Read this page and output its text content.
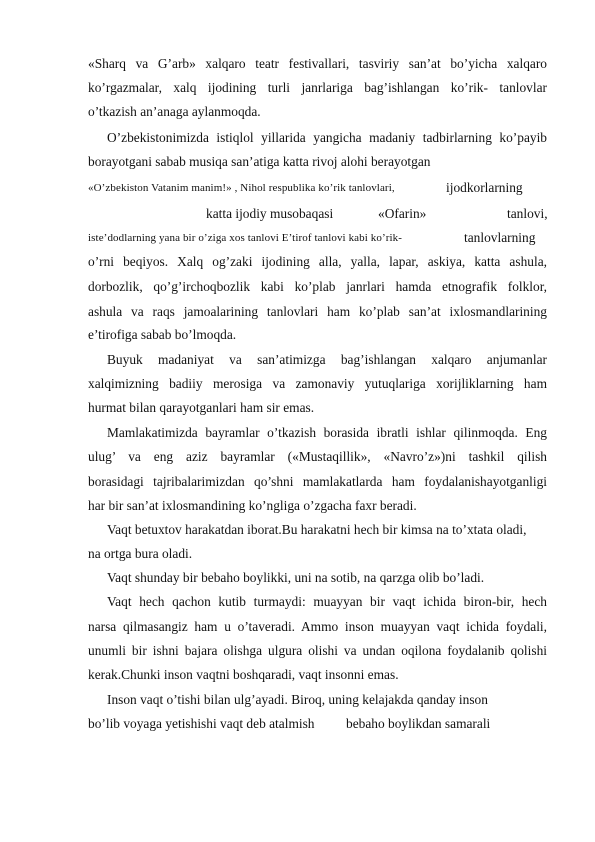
«Sharq va G’arb» xalqaro teatr festivallari, tasviriy san’at bo’yicha xalqaro
ko’rgazmalar, xalq ijodining turli janrlariga bag’ishlangan ko’rik- tanlovlar
o’tkazish an’anaga aylanmoqda.
O’zbekistonimizda istiqlol yillarida yangicha madaniy tadbirlarning ko’payib
borayotgani sabab musiqa san’atiga katta rivoj alohi berayotgan
«O’zbekiston Vatanim manim!» , Nihol respublika ko’rik tanlovlari,	ijodkorlarning
katta ijodiy musobaqasi	«Ofarin»	tanlovi,
iste’dodlarning yana bir o’ziga xos tanlovi E’tirof tanlovi kabi ko’rik-	tanlovlarning
o’rni beqiyos. Xalq og’zaki ijodining alla, yalla, lapar, askiya, katta ashula,
dorbozlik, qo’g’irchoqbozlik kabi ko’plab janrlari hamda etnografik folklor,
ashula va raqs jamoalarining tanlovlari ham ko’plab san’at ixlosmandlarining
e’tirofiga sabab bo’lmoqda.
Buyuk madaniyat va san’atimizga bag’ishlangan xalqaro anjumanlar
xalqimizning badiiy merosiga va zamonaviy yutuqlariga xorijliklarning ham
hurmat bilan qarayotganlari ham sir emas.
Mamlakatimizda bayramlar o’tkazish borasida ibratli ishlar qilinmoqda. Eng
ulug’ va eng aziz bayramlar («Mustaqillik», «Navro’z»)ni tashkil qilish
borasidagi tajribalarimizdan qo’shni mamlakatlarda ham foydalanishayotganligi
har bir san’at ixlosmandining ko’ngliga o’zgacha faxr beradi.
Vaqt betuxtov harakatdan iborat.Bu harakatni hech bir kimsa na to’xtata oladi,
na ortga bura oladi.
Vaqt shunday bir bebaho boylikki, uni na sotib, na qarzga olib bo’ladi.
Vaqt hech qachon kutib turmaydi: muayyan bir vaqt ichida biron-bir, hech
narsa qilmasangiz ham u o’taveradi. Ammo inson muayyan vaqt ichida foydali,
unumli bir ishni bajara olishga ulgura olishi va undan oqilona foydalanib qolishi
kerak.Chunki inson vaqtni boshqaradi, vaqt insonni emas.
Inson vaqt o’tishi bilan ulg’ayadi. Biroq, uning kelajakda qanday inson
bo’lib voyaga yetishishi vaqt deb atalmish bebaho boylikdan samarali
